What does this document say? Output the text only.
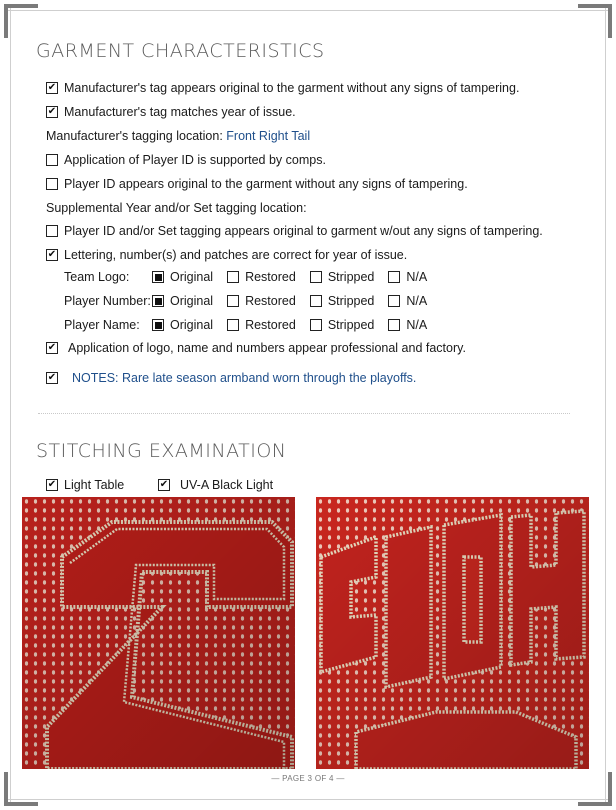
GARMENT CHARACTERISTICS
✔
Manufacturer's tag appears original to the garment without any signs of tampering.
✔
Manufacturer's tag matches year of issue.
Manufacturer's tagging location:
Front Right Tail
Application of Player ID is supported by comps.
Player ID appears original to the garment without any signs of tampering.
Supplemental Year and/or Set tagging location:
Player ID and/or Set tagging appears original to garment w/out any signs of tampering.
✔
Lettering, number(s) and patches are correct for year of issue.
Team Logo:	Original	Restored	Stripped	N/A
Player Number: Original	Restored	Stripped	N/A
Player Name:	Original	Restored	Stripped	N/A
✔
Application of logo, name and numbers appear professional and factory.
✔
NOTES: Rare late season armband worn through the playoffs.
STITCHING EXAMINATION
✔
Light Table
✔	UV-A Black Light
— PAGE 3 OF 4 —
